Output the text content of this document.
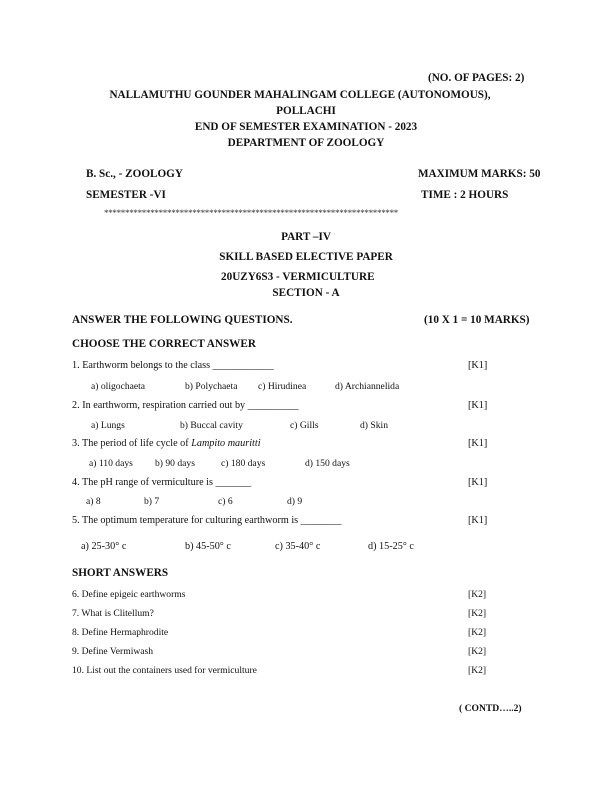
(NO. OF PAGES: 2)
NALLAMUTHU GOUNDER MAHALINGAM COLLEGE (AUTONOMOUS),
POLLACHI
END OF SEMESTER EXAMINATION - 2023
DEPARTMENT OF ZOOLOGY
B. Sc., - ZOOLOGY	MAXIMUM MARKS: 50
SEMESTER -VI	TIME : 2 HOURS
**********************************************************************
PART –IV
SKILL BASED ELECTIVE PAPER
20UZY6S3 - VERMICULTURE
SECTION - A
ANSWER THE FOLLOWING QUESTIONS.	(10 X 1 = 10 MARKS)
CHOOSE THE CORRECT ANSWER
1. Earthworm belongs to the class ____________	[K1]
a) oligochaeta	b) Polychaeta c) Hirudinea	d) Archiannelida
2. In earthworm, respiration carried out by __________	[K1]
a) Lungs	b) Buccal cavity	c) Gills	d) Skin
3. The period of life cycle of Lampito mauritti	[K1]
a) 110 days b) 90 days	c) 180 days	d) 150 days
4. The pH range of vermiculture is _______	[K1]
a) 8	b) 7	c) 6	d) 9
5. The optimum temperature for culturing earthworm is ________	[K1]
a) 25-30° c	b) 45-50° c	c) 35-40° c	d) 15-25° c
SHORT ANSWERS
6. Define epigeic earthworms	[K2]
7. What is Clitellum?	[K2]
8. Define Hermaphrodite	[K2]
9. Define Vermiwash	[K2]
10. List out the containers used for vermiculture	[K2]
( CONTD…..2)
